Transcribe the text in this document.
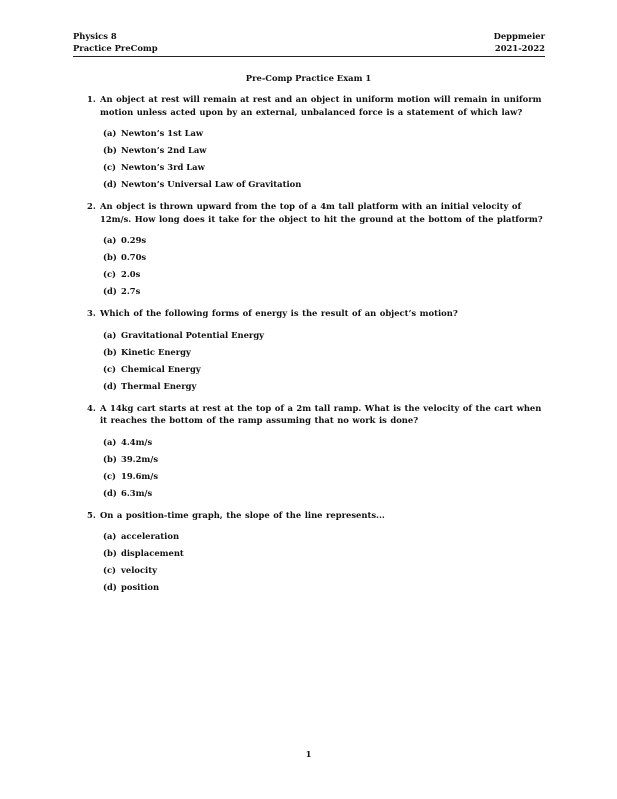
Physics 8
Practice PreComp
Deppmeier
2021-2022
Pre-Comp Practice Exam 1
1. An object at rest will remain at rest and an object in uniform motion will remain in uniform motion unless acted upon by an external, unbalanced force is a statement of which law?
(a) Newton’s 1st Law
(b) Newton’s 2nd Law
(c) Newton’s 3rd Law
(d) Newton’s Universal Law of Gravitation
2. An object is thrown upward from the top of a 4m tall platform with an initial velocity of 12m/s. How long does it take for the object to hit the ground at the bottom of the platform?
(a) 0.29s
(b) 0.70s
(c) 2.0s
(d) 2.7s
3. Which of the following forms of energy is the result of an object’s motion?
(a) Gravitational Potential Energy
(b) Kinetic Energy
(c) Chemical Energy
(d) Thermal Energy
4. A 14kg cart starts at rest at the top of a 2m tall ramp. What is the velocity of the cart when it reaches the bottom of the ramp assuming that no work is done?
(a) 4.4m/s
(b) 39.2m/s
(c) 19.6m/s
(d) 6.3m/s
5. On a position-time graph, the slope of the line represents...
(a) acceleration
(b) displacement
(c) velocity
(d) position
1
